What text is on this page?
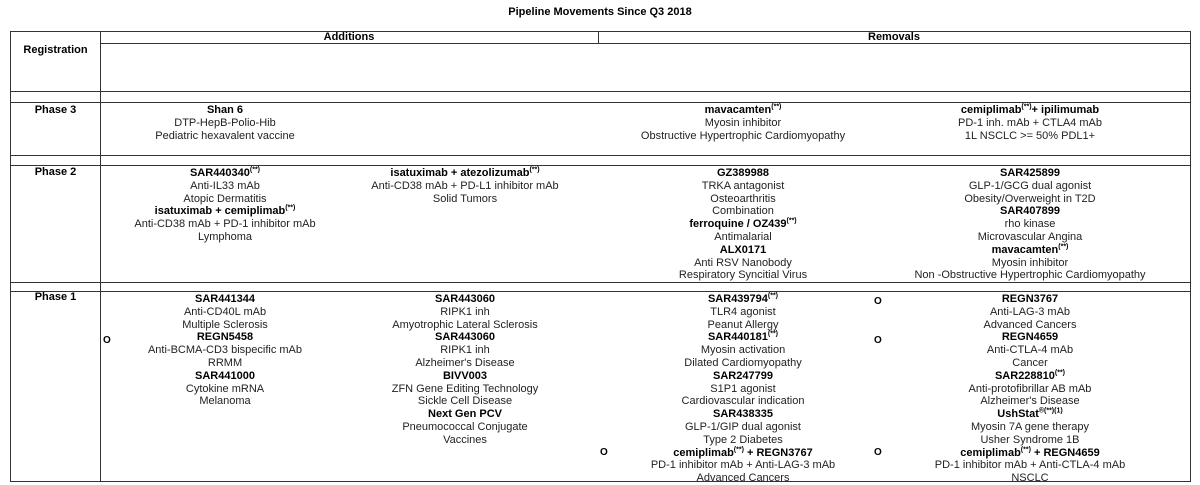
Pipeline Movements Since Q3 2018
Additions	Removals
Registration
Phase 3
Phase 2
Phase 1
Shan 6
DTP-HepB-Polio-Hib
Pediatric hexavalent vaccine
mavacamten(**)
Myosin inhibitor
Obstructive Hypertrophic Cardiomyopathy
cemiplimab(**)+ ipilimumab
PD-1 inh. mAb + CTLA4 mAb
1L NSCLC >= 50% PDL1+
SAR440340(**)
Anti-IL33 mAb
Atopic Dermatitis
isatuximab + cemiplimab(**)
Anti-CD38 mAb + PD-1 inhibitor mAb
Lymphoma
isatuximab + atezolizumab(**)
Anti-CD38 mAb + PD-L1 inhibitor mAb
Solid Tumors
GZ389988
TRKA antagonist
Osteoarthritis
Combination
ferroquine / OZ439(**)
Antimalarial
ALX0171
Anti RSV Nanobody
Respiratory Syncitial Virus
SAR425899
GLP-1/GCG dual agonist
Obesity/Overweight in T2D
SAR407899
rho kinase
Microvascular Angina
mavacamten(**)
Myosin inhibitor
Non -Obstructive Hypertrophic Cardiomyopathy
SAR441344
Anti-CD40L mAb
Multiple Sclerosis
REGN5458
Anti-BCMA-CD3 bispecific mAb
RRMM
SAR441000
Cytokine mRNA
Melanoma
SAR443060
RIPK1 inh
Amyotrophic Lateral Sclerosis
SAR443060
RIPK1 inh
Alzheimer's Disease
BIVV003
ZFN Gene Editing Technology
Sickle Cell Disease
Next Gen PCV
Pneumococcal Conjugate
Vaccines
SAR439794(**)
TLR4 agonist
Peanut Allergy
SAR440181(**)
Myosin activation
Dilated Cardiomyopathy
SAR247799
S1P1 agonist
Cardiovascular indication
SAR438335
GLP-1/GIP dual agonist
Type 2 Diabetes
cemiplimab(**) + REGN3767
PD-1 inhibitor mAb + Anti-LAG-3 mAb
Advanced Cancers
REGN3767
Anti-LAG-3 mAb
Advanced Cancers
REGN4659
Anti-CTLA-4 mAb
Cancer
SAR228810(**)
Anti-protofibrillar AB mAb
Alzheimer's Disease
UshStat$^{®(**)(1)}$
Myosin 7A gene therapy
Usher Syndrome 1B
cemiplimab(**) + REGN4659
PD-1 inhibitor mAb + Anti-CTLA-4 mAb
NSCLC
O
O
O
O	O
